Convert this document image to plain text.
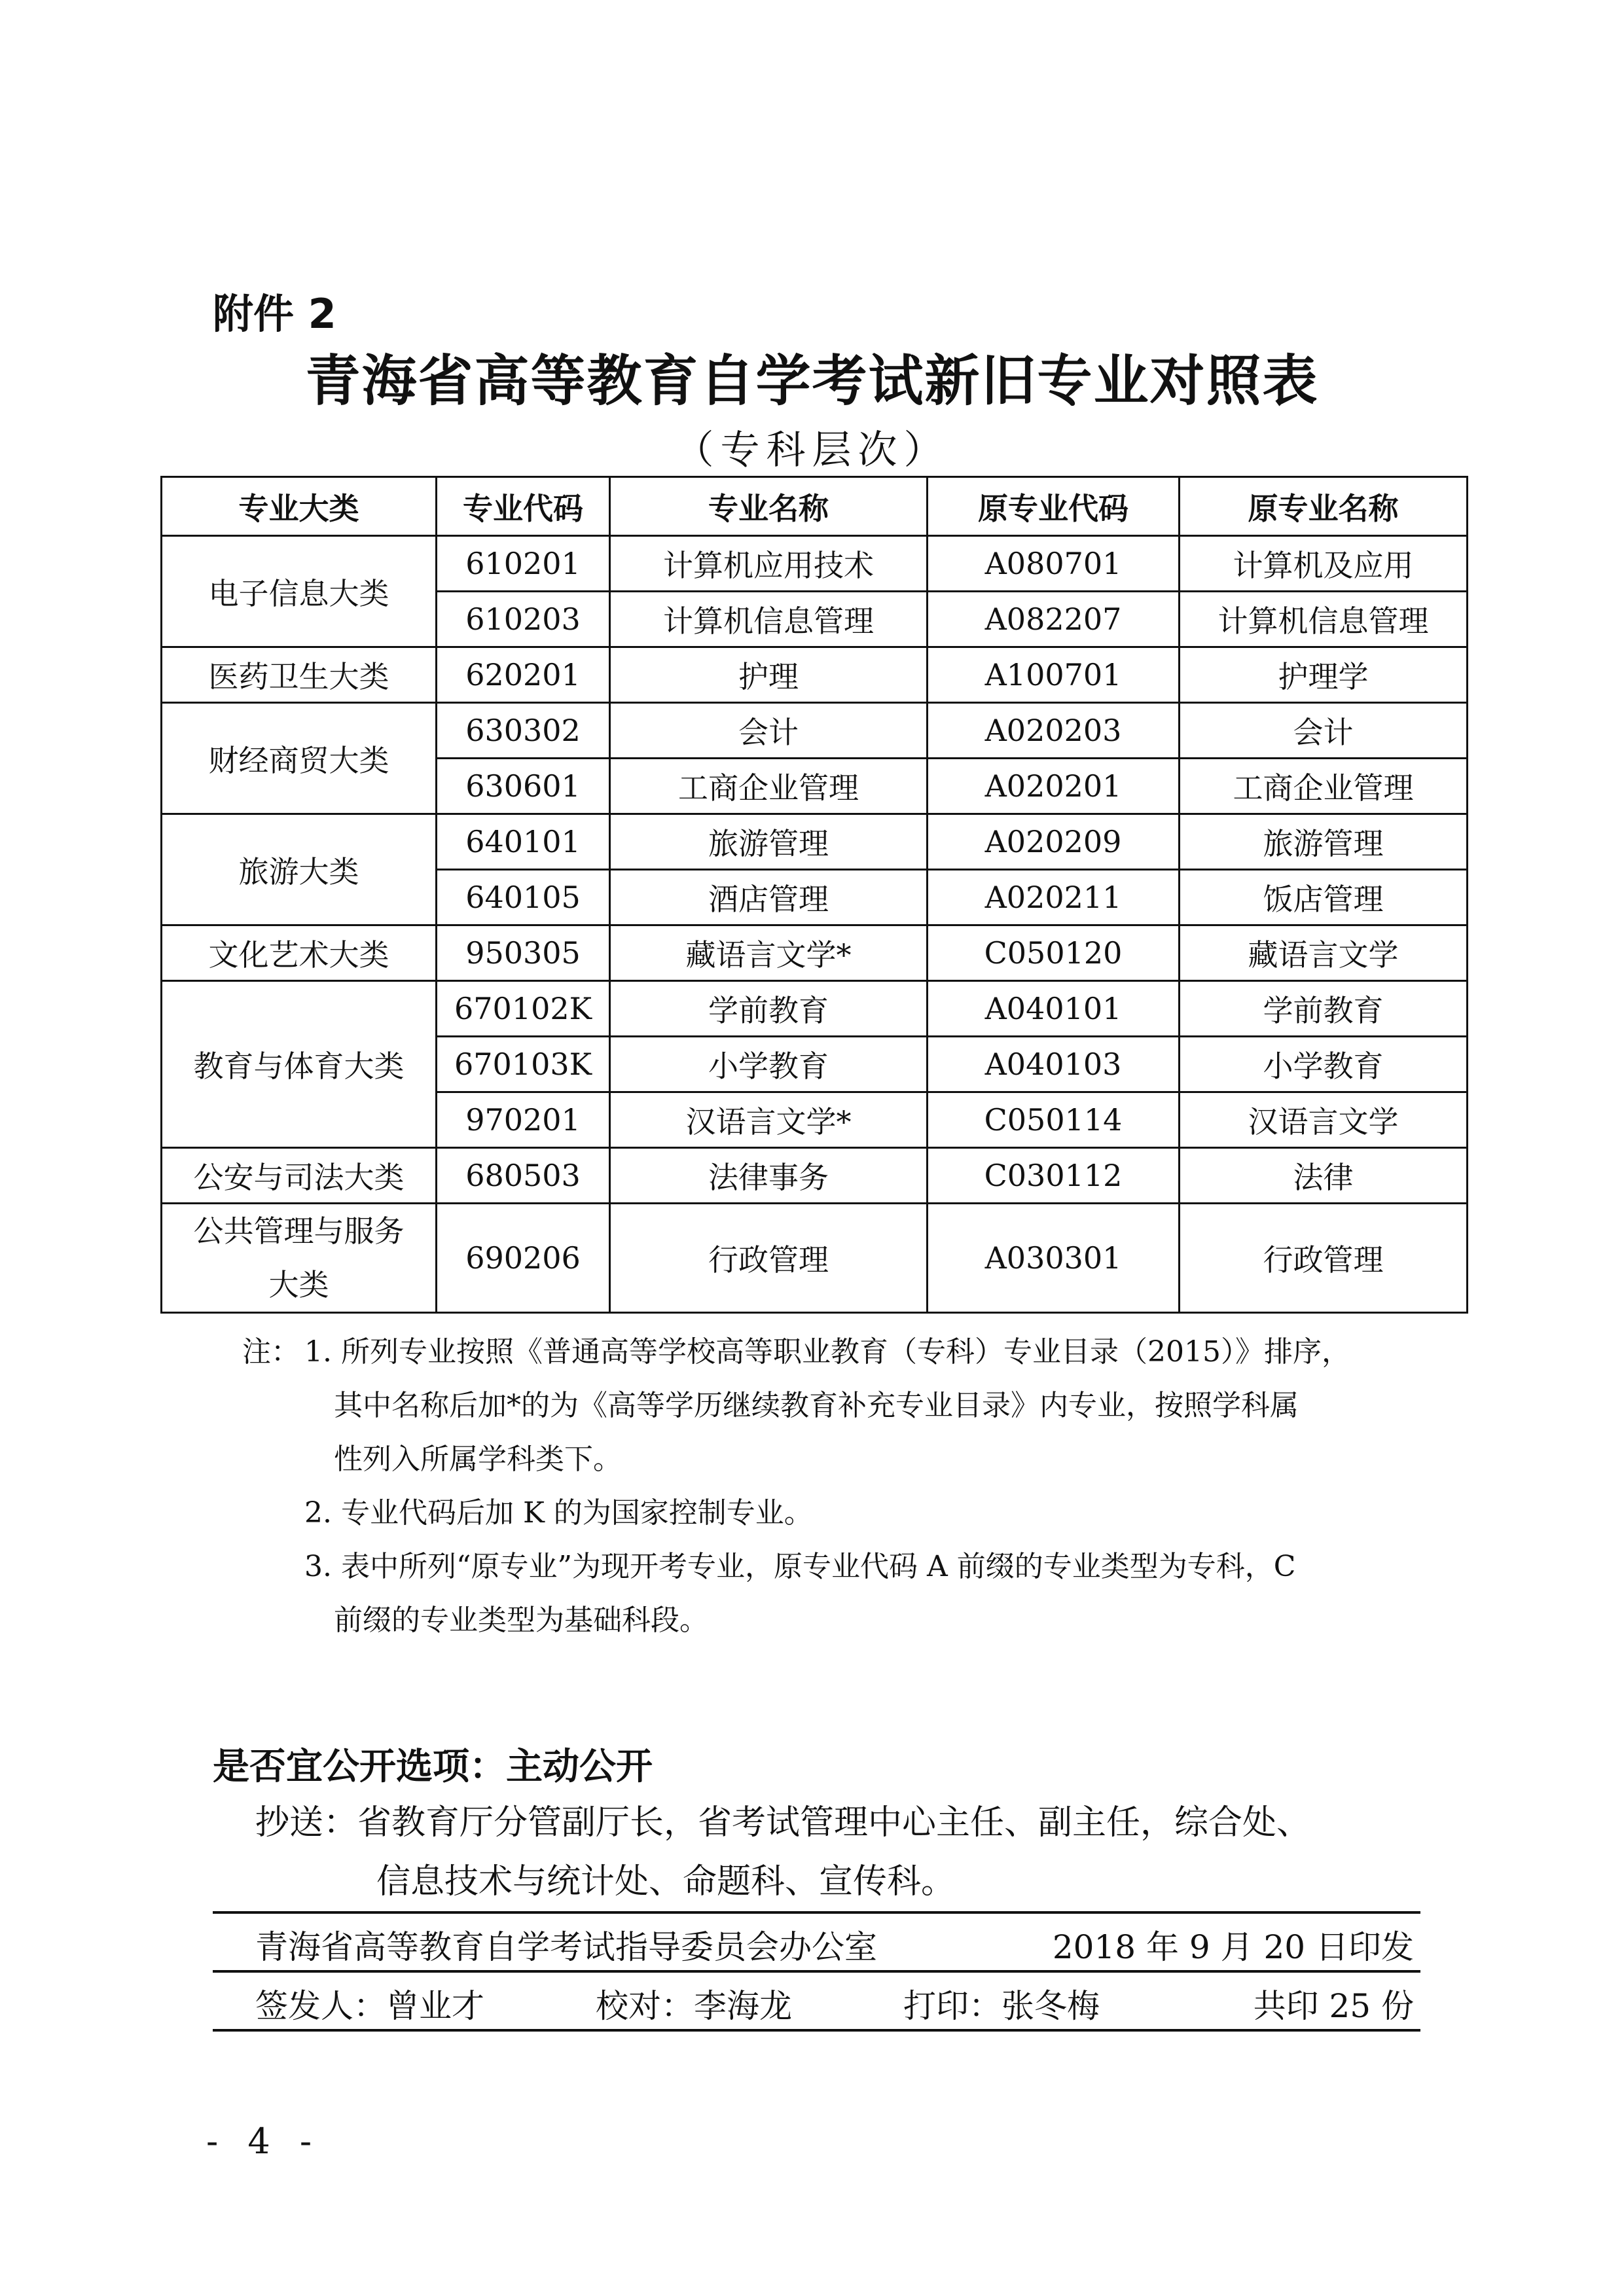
附件 2
青海省高等教育自学考试新旧专业对照表
（专科层次）
专业大类	专业代码	专业名称	原专业代码	原专业名称
电子信息大类	610201	计算机应用技术	A080701	计算机及应用
	610203	计算机信息管理	A082207	计算机信息管理
医药卫生大类	620201	护理	A100701	护理学
财经商贸大类	630302	会计	A020203	会计
	630601	工商企业管理	A020201	工商企业管理
旅游大类	640101	旅游管理	A020209	旅游管理
	640105	酒店管理	A020211	饭店管理
文化艺术大类	950305	藏语言文学*	C050120	藏语言文学
教育与体育大类	670102K	学前教育	A040101	学前教育
	670103K	小学教育	A040103	小学教育
	970201	汉语言文学*	C050114	汉语言文学
公安与司法大类	680503	法律事务	C030112	法律

公共管理与服务
大类	690206	行政管理	A030301	行政管理
注： 1. 所列专业按照《普通高等学校高等职业教育（专科）专业目录（2015）》排序，
其中名称后加*的为《高等学历继续教育补充专业目录》内专业，按照学科属
性列入所属学科类下。
2. 专业代码后加 K 的为国家控制专业。
3. 表中所列“原专业”为现开考专业，原专业代码 A 前缀的专业类型为专科，C
前缀的专业类型为基础科段。
是否宜公开选项：主动公开
抄送：省教育厅分管副厅长，省考试管理中心主任、副主任，综合处、
信息技术与统计处、命题科、宣传科。
青海省高等教育自学考试指导委员会办公室	2018 年 9 月 20 日印发
签发人：曾业才	校对：李海龙	打印：张冬梅	共印 25 份
- 4 -
